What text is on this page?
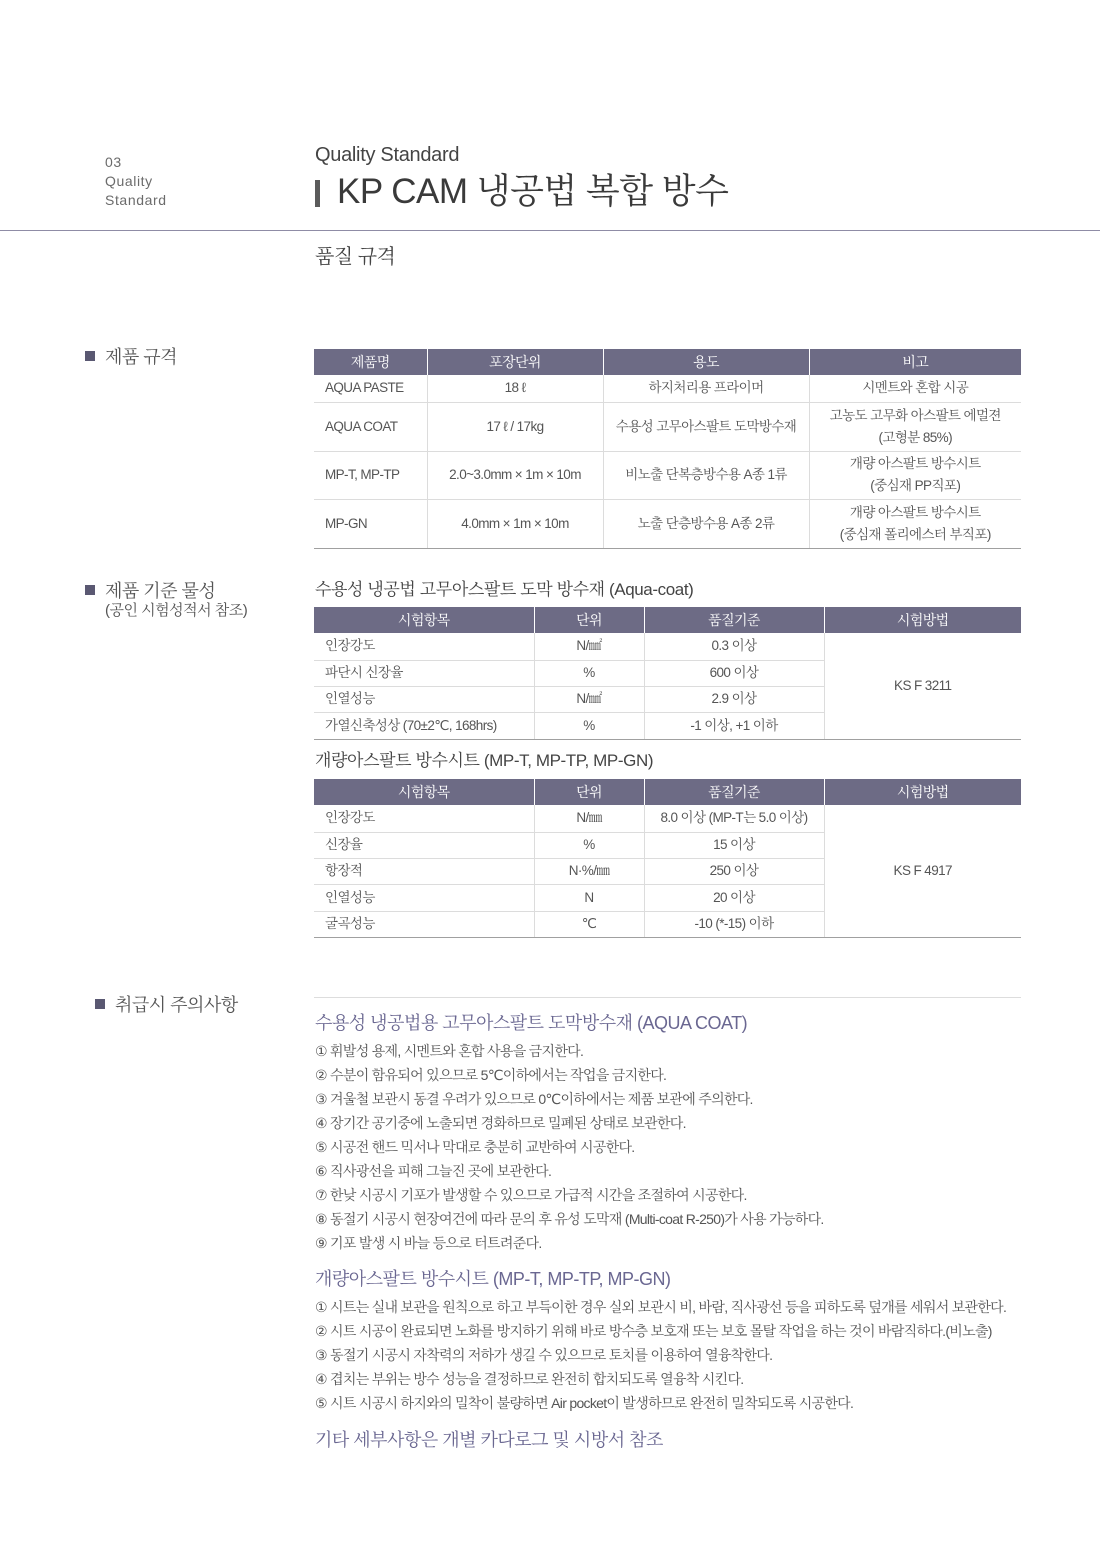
03
Quality
Standard
Quality Standard
KP CAM 냉공법 복합 방수
품질 규격
제품 규격
제품 기준 물성
(공인 시험성적서 참조)
취급시 주의사항
제품명	포장단위	용도	비고
AQUA PASTE	18 ℓ	하지처리용 프라이머	시멘트와 혼합 시공

AQUA COAT	17 ℓ / 17kg	수용성 고무아스팔트 도막방수재	고농도 고무화 아스팔트 에멀젼
(고형분 85%)

MP-T, MP-TP	2.0~3.0mm × 1m × 10m	비노출 단복층방수용 A종 1류	개량 아스팔트 방수시트
(중심재 PP직포)

MP-GN	4.0mm × 1m × 10m	노출 단층방수용 A종 2류	개량 아스팔트 방수시트
(중심재 폴리에스터 부직포)
수용성 냉공법 고무아스팔트 도막 방수재 (Aqua-coat)
시험항목	단위	품질기준	시험방법
인장강도	N/㎟	0.3 이상	KS F 3211
파단시 신장율	%	600 이상	
인열성능	N/㎟	2.9 이상	
가열신축성상 (70±2℃, 168hrs)	%	-1 이상, +1 이하	
개량아스팔트 방수시트 (MP-T, MP-TP, MP-GN)
시험항목	단위	품질기준	시험방법
인장강도	N/㎜	8.0 이상 (MP-T는 5.0 이상)	KS F 4917
신장율	%	15 이상	
항장적	N·%/㎜	250 이상	
인열성능	N	20 이상	
굴곡성능	℃	-10 (*-15) 이하	
수용성 냉공법용 고무아스팔트 도막방수재 (AQUA COAT)
① 휘발성 용제, 시멘트와 혼합 사용을 금지한다.
② 수분이 함유되어 있으므로 5℃이하에서는 작업을 금지한다.
③ 겨울철 보관시 동결 우려가 있으므로 0℃이하에서는 제품 보관에 주의한다.
④ 장기간 공기중에 노출되면 경화하므로 밀폐된 상태로 보관한다.
⑤ 시공전 핸드 믹서나 막대로 충분히 교반하여 시공한다.
⑥ 직사광선을 피해 그늘진 곳에 보관한다.
⑦ 한낮 시공시 기포가 발생할 수 있으므로 가급적 시간을 조절하여 시공한다.
⑧ 동절기 시공시 현장여건에 따라 문의 후 유성 도막재 (Multi-coat R-250)가 사용 가능하다.
⑨ 기포 발생 시 바늘 등으로 터트려준다.
개량아스팔트 방수시트 (MP-T, MP-TP, MP-GN)
① 시트는 실내 보관을 원칙으로 하고 부득이한 경우 실외 보관시 비, 바람, 직사광선 등을 피하도록 덮개를 세워서 보관한다.
② 시트 시공이 완료되면 노화를 방지하기 위해 바로 방수층 보호재 또는 보호 몰탈 작업을 하는 것이 바람직하다.(비노출)
③ 동절기 시공시 자착력의 저하가 생길 수 있으므로 토치를 이용하여 열융착한다.
④ 겹치는 부위는 방수 성능을 결정하므로 완전히 합치되도록 열융착 시킨다.
⑤ 시트 시공시 하지와의 밀착이 불량하면 Air pocket이 발생하므로 완전히 밀착되도록 시공한다.
기타 세부사항은 개별 카다로그 및 시방서 참조
